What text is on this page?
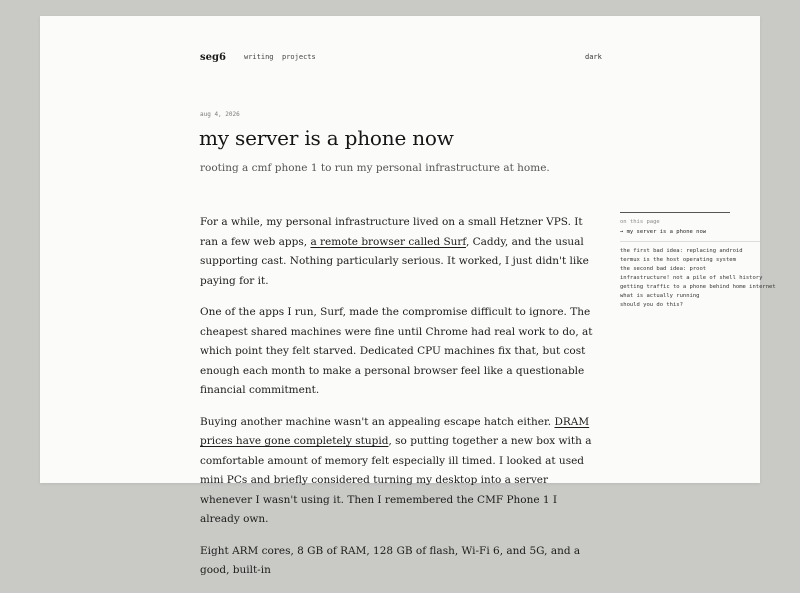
seg6	writing projects	dark
aug 4, 2026
my server is a phone now
rooting a cmf phone 1 to run my personal infrastructure at home.

For a while, my personal infrastructure lived on a small Hetzner VPS. It ran a few web apps, a remote browser called Surf, Caddy, and the usual supporting cast. Nothing particularly serious. It worked, I just didn't like paying for it.

One of the apps I run, Surf, made the compromise difficult to ignore. The cheapest shared machines were fine until Chrome had real work to do, at which point they felt starved. Dedicated CPU machines fix that, but cost enough each month to make a personal browser feel like a questionable financial commitment.

Buying another machine wasn't an appealing escape hatch either. DRAM prices have gone completely stupid, so putting together a new box with a comfortable amount of memory felt especially ill timed. I looked at used mini PCs and briefly considered turning my desktop into a server whenever I wasn't using it. Then I remembered the CMF Phone 1 I already own.

Eight ARM cores, 8 GB of RAM, 128 GB of flash, Wi-Fi 6, and 5G, and a good, built-in

on this page
→ my server is a phone now
the first bad idea: replacing android
termux is the host operating system
the second bad idea: proot
infrastructure! not a pile of shell history
getting traffic to a phone behind home internet
what is actually running
should you do this?
